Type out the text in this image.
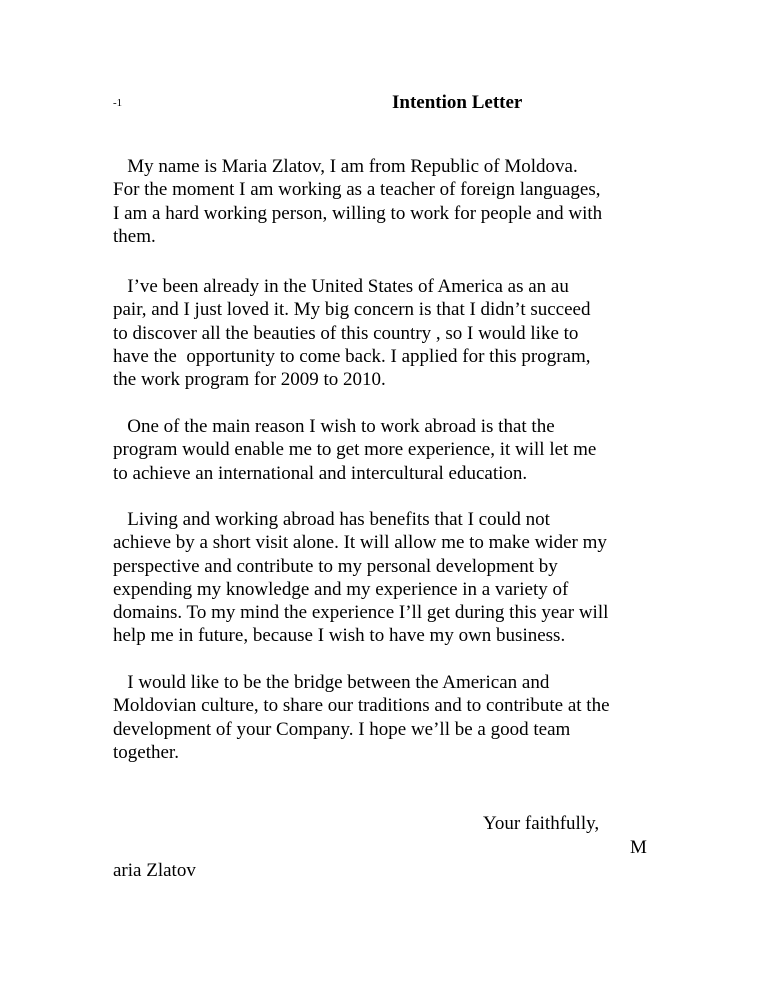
-1	Intention Letter

My name is Maria Zlatov, I am from Republic of Moldova.
For the moment I am working as a teacher of foreign languages,
I am a hard working person, willing to work for people and with
them.

I’ve been already in the United States of America as an au
pair, and I just loved it. My big concern is that I didn’t succeed
to discover all the beauties of this country , so I would like to
have the  opportunity to come back. I applied for this program,
the work program for 2009 to 2010.

One of the main reason I wish to work abroad is that the
program would enable me to get more experience, it will let me
to achieve an international and intercultural education.

Living and working abroad has benefits that I could not
achieve by a short visit alone. It will allow me to make wider my
perspective and contribute to my personal development by
expending my knowledge and my experience in a variety of
domains. To my mind the experience I’ll get during this year will
help me in future, because I wish to have my own business.

I would like to be the bridge between the American and
Moldovian culture, to share our traditions and to contribute at the
development of your Company. I hope we’ll be a good team
together.

Your faithfully,
M
aria Zlatov
